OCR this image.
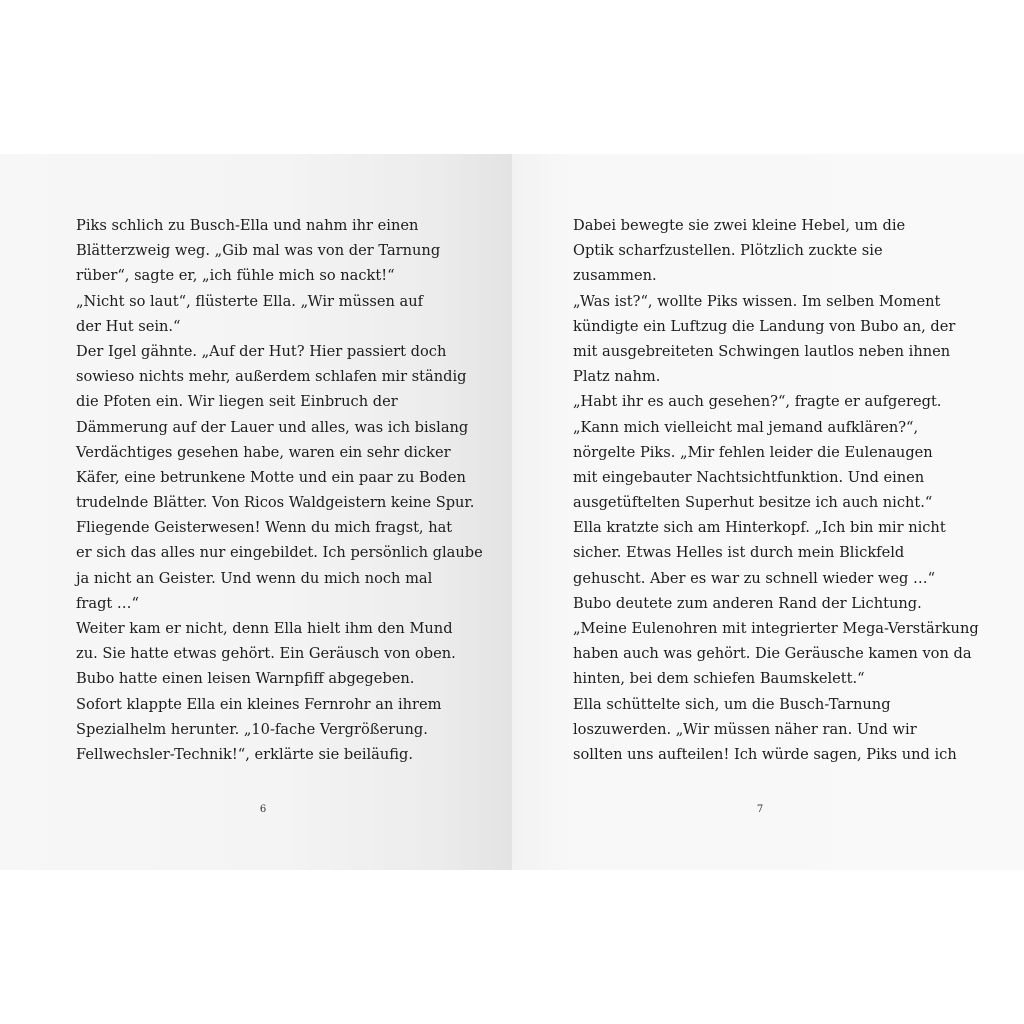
Piks schlich zu Busch-Ella und nahm ihr einen
Blätterzweig weg. „Gib mal was von der Tarnung
rüber“, sagte er, „ich fühle mich so nackt!“
„Nicht so laut“, flüsterte Ella. „Wir müssen auf
der Hut sein.“
Der Igel gähnte. „Auf der Hut? Hier passiert doch
sowieso nichts mehr, außerdem schlafen mir ständig
die Pfoten ein. Wir liegen seit Einbruch der
Dämmerung auf der Lauer und alles, was ich bislang
Verdächtiges gesehen habe, waren ein sehr dicker
Käfer, eine betrunkene Motte und ein paar zu Boden
trudelnde Blätter. Von Ricos Waldgeistern keine Spur.
Fliegende Geisterwesen! Wenn du mich fragst, hat
er sich das alles nur eingebildet. Ich persönlich glaube
ja nicht an Geister. Und wenn du mich noch mal
fragt …“
Weiter kam er nicht, denn Ella hielt ihm den Mund
zu. Sie hatte etwas gehört. Ein Geräusch von oben.
Bubo hatte einen leisen Warnpfiff abgegeben.
Sofort klappte Ella ein kleines Fernrohr an ihrem
Spezialhelm herunter. „10-fache Vergrößerung.
Fellwechsler-Technik!“, erklärte sie beiläufig.
6
Dabei bewegte sie zwei kleine Hebel, um die
Optik scharfzustellen. Plötzlich zuckte sie
zusammen.
„Was ist?“, wollte Piks wissen. Im selben Moment
kündigte ein Luftzug die Landung von Bubo an, der
mit ausgebreiteten Schwingen lautlos neben ihnen
Platz nahm.
„Habt ihr es auch gesehen?“, fragte er aufgeregt.
„Kann mich vielleicht mal jemand aufklären?“,
nörgelte Piks. „Mir fehlen leider die Eulenaugen
mit eingebauter Nachtsichtfunktion. Und einen
ausgetüftelten Superhut besitze ich auch nicht.“
Ella kratzte sich am Hinterkopf. „Ich bin mir nicht
sicher. Etwas Helles ist durch mein Blickfeld
gehuscht. Aber es war zu schnell wieder weg …“
Bubo deutete zum anderen Rand der Lichtung.
„Meine Eulenohren mit integrierter Mega-Verstärkung
haben auch was gehört. Die Geräusche kamen von da
hinten, bei dem schiefen Baumskelett.“
Ella schüttelte sich, um die Busch-Tarnung
loszuwerden. „Wir müssen näher ran. Und wir
sollten uns aufteilen! Ich würde sagen, Piks und ich
7
